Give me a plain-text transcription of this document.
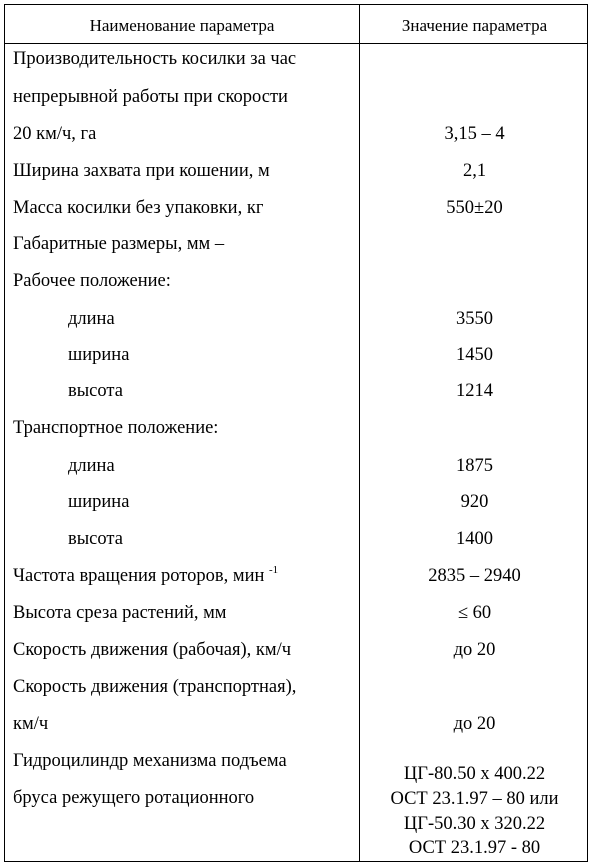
Наименование параметра	Значение параметра
Производительность косилки за час
непрерывной работы при скорости
20 км/ч, га
Ширина захвата при кошении, м
Масса косилки без упаковки, кг
Габаритные размеры, мм –
Рабочее положение:
длина
ширина
высота
Транспортное положение:
длина
ширина
высота
Частота вращения роторов, мин $^{-1}$
Высота среза растений, мм
Скорость движения (рабочая), км/ч
Скорость движения (транспортная),
км/ч
Гидроцилиндр механизма подъема
бруса режущего ротационного
3,15 – 4
2,1
550±20
3550
1450
1214
1875
920
1400
2835 – 2940
≤ 60
до 20
до 20
ЦГ-80.50 х 400.22
ОСТ 23.1.97 – 80 или
ЦГ-50.30 х 320.22
ОСТ 23.1.97 - 80
